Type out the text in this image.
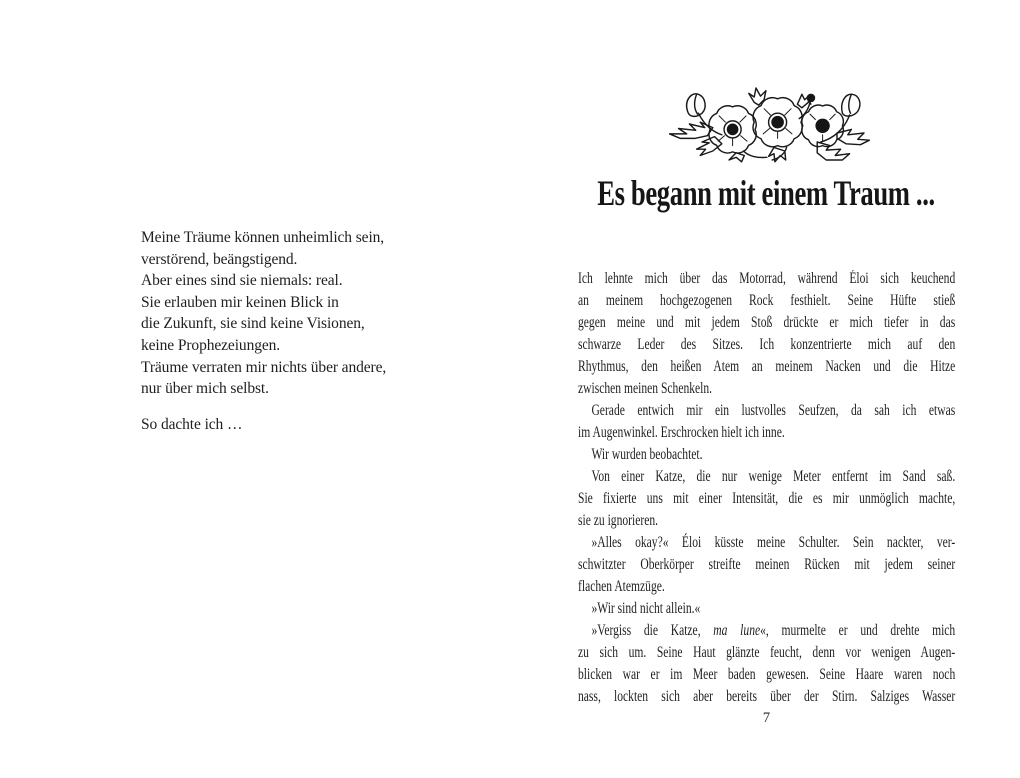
Meine Träume können unheimlich sein,
verstörend, beängstigend.
Aber eines sind sie niemals: real.
Sie erlauben mir keinen Blick in
die Zukunft, sie sind keine Visionen,
keine Prophezeiungen.
Träume verraten mir nichts über andere,
nur über mich selbst.
So dachte ich …
Es begann mit einem Traum ...
Ich lehnte mich über das Motorrad, während Éloi sich keuchend
an meinem hochgezogenen Rock festhielt. Seine Hüfte stieß
gegen meine und mit jedem Stoß drückte er mich tiefer in das
schwarze Leder des Sitzes. Ich konzentrierte mich auf den
Rhythmus, den heißen Atem an meinem Nacken und die Hitze
zwischen meinen Schenkeln.
Gerade entwich mir ein lustvolles Seufzen, da sah ich etwas
im Augenwinkel. Erschrocken hielt ich inne.
Wir wurden beobachtet.
Von einer Katze, die nur wenige Meter entfernt im Sand saß.
Sie fixierte uns mit einer Intensität, die es mir unmöglich machte,
sie zu ignorieren.
»Alles okay?« Éloi küsste meine Schulter. Sein nackter, ver-
schwitzter Oberkörper streifte meinen Rücken mit jedem seiner
flachen Atemzüge.
»Wir sind nicht allein.«
»Vergiss die Katze, ma lune«, murmelte er und drehte mich
zu sich um. Seine Haut glänzte feucht, denn vor wenigen Augen-
blicken war er im Meer baden gewesen. Seine Haare waren noch
nass, lockten sich aber bereits über der Stirn. Salziges Wasser
7
